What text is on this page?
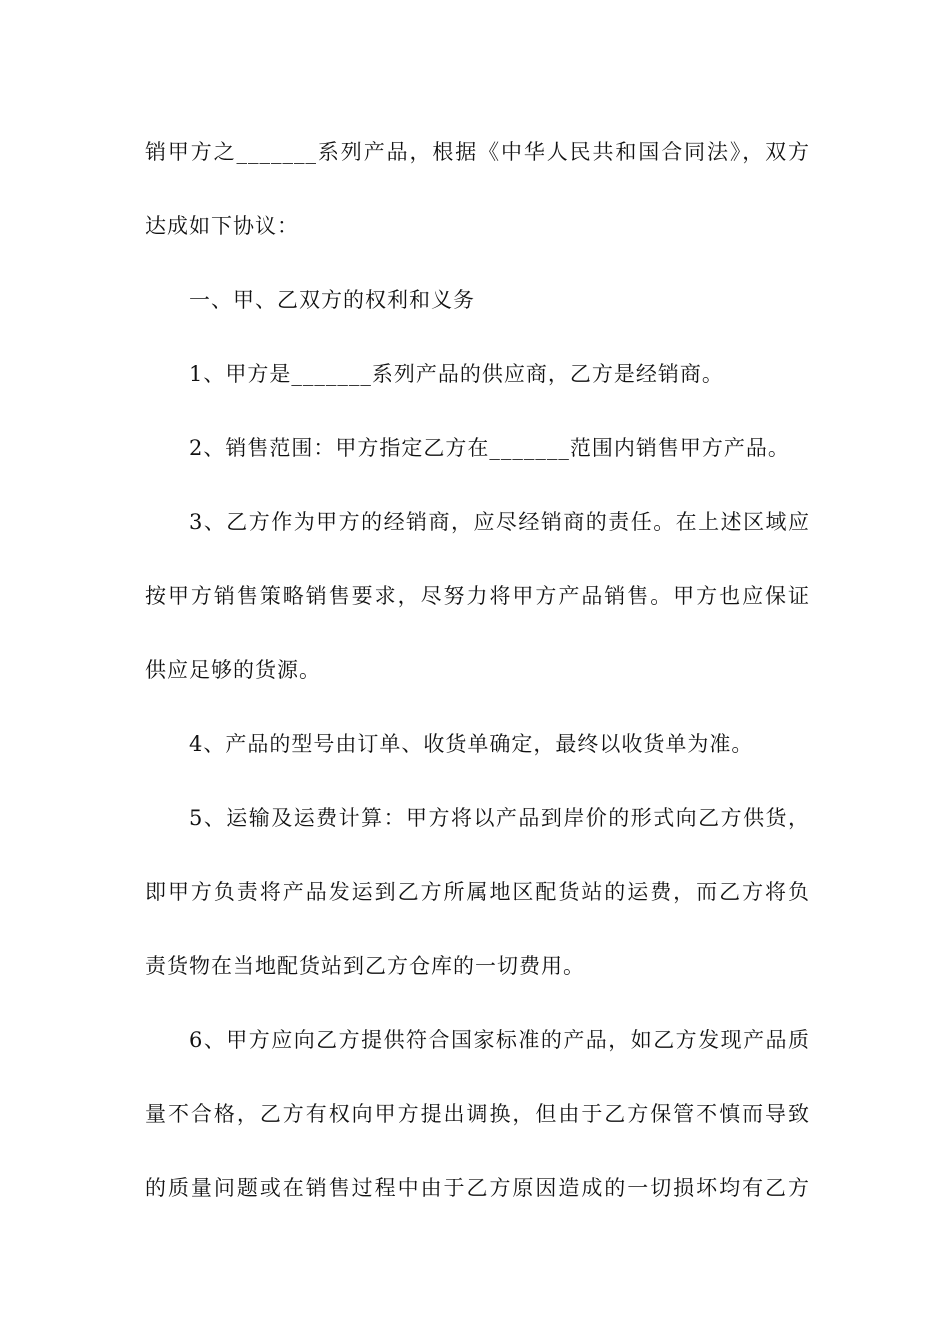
销甲方之_______系列产品，根据《中华人民共和国合同法》，双方
达成如下协议：
一、甲、乙双方的权利和义务
1、甲方是_______系列产品的供应商，乙方是经销商。
2、销售范围：甲方指定乙方在_______范围内销售甲方产品。
3、乙方作为甲方的经销商，应尽经销商的责任。在上述区域应
按甲方销售策略销售要求，尽努力将甲方产品销售。甲方也应保证
供应足够的货源。
4、产品的型号由订单、收货单确定，最终以收货单为准。
5、运输及运费计算：甲方将以产品到岸价的形式向乙方供货，
即甲方负责将产品发运到乙方所属地区配货站的运费，而乙方将负
责货物在当地配货站到乙方仓库的一切费用。
6、甲方应向乙方提供符合国家标准的产品，如乙方发现产品质
量不合格，乙方有权向甲方提出调换，但由于乙方保管不慎而导致
的质量问题或在销售过程中由于乙方原因造成的一切损坏均有乙方
